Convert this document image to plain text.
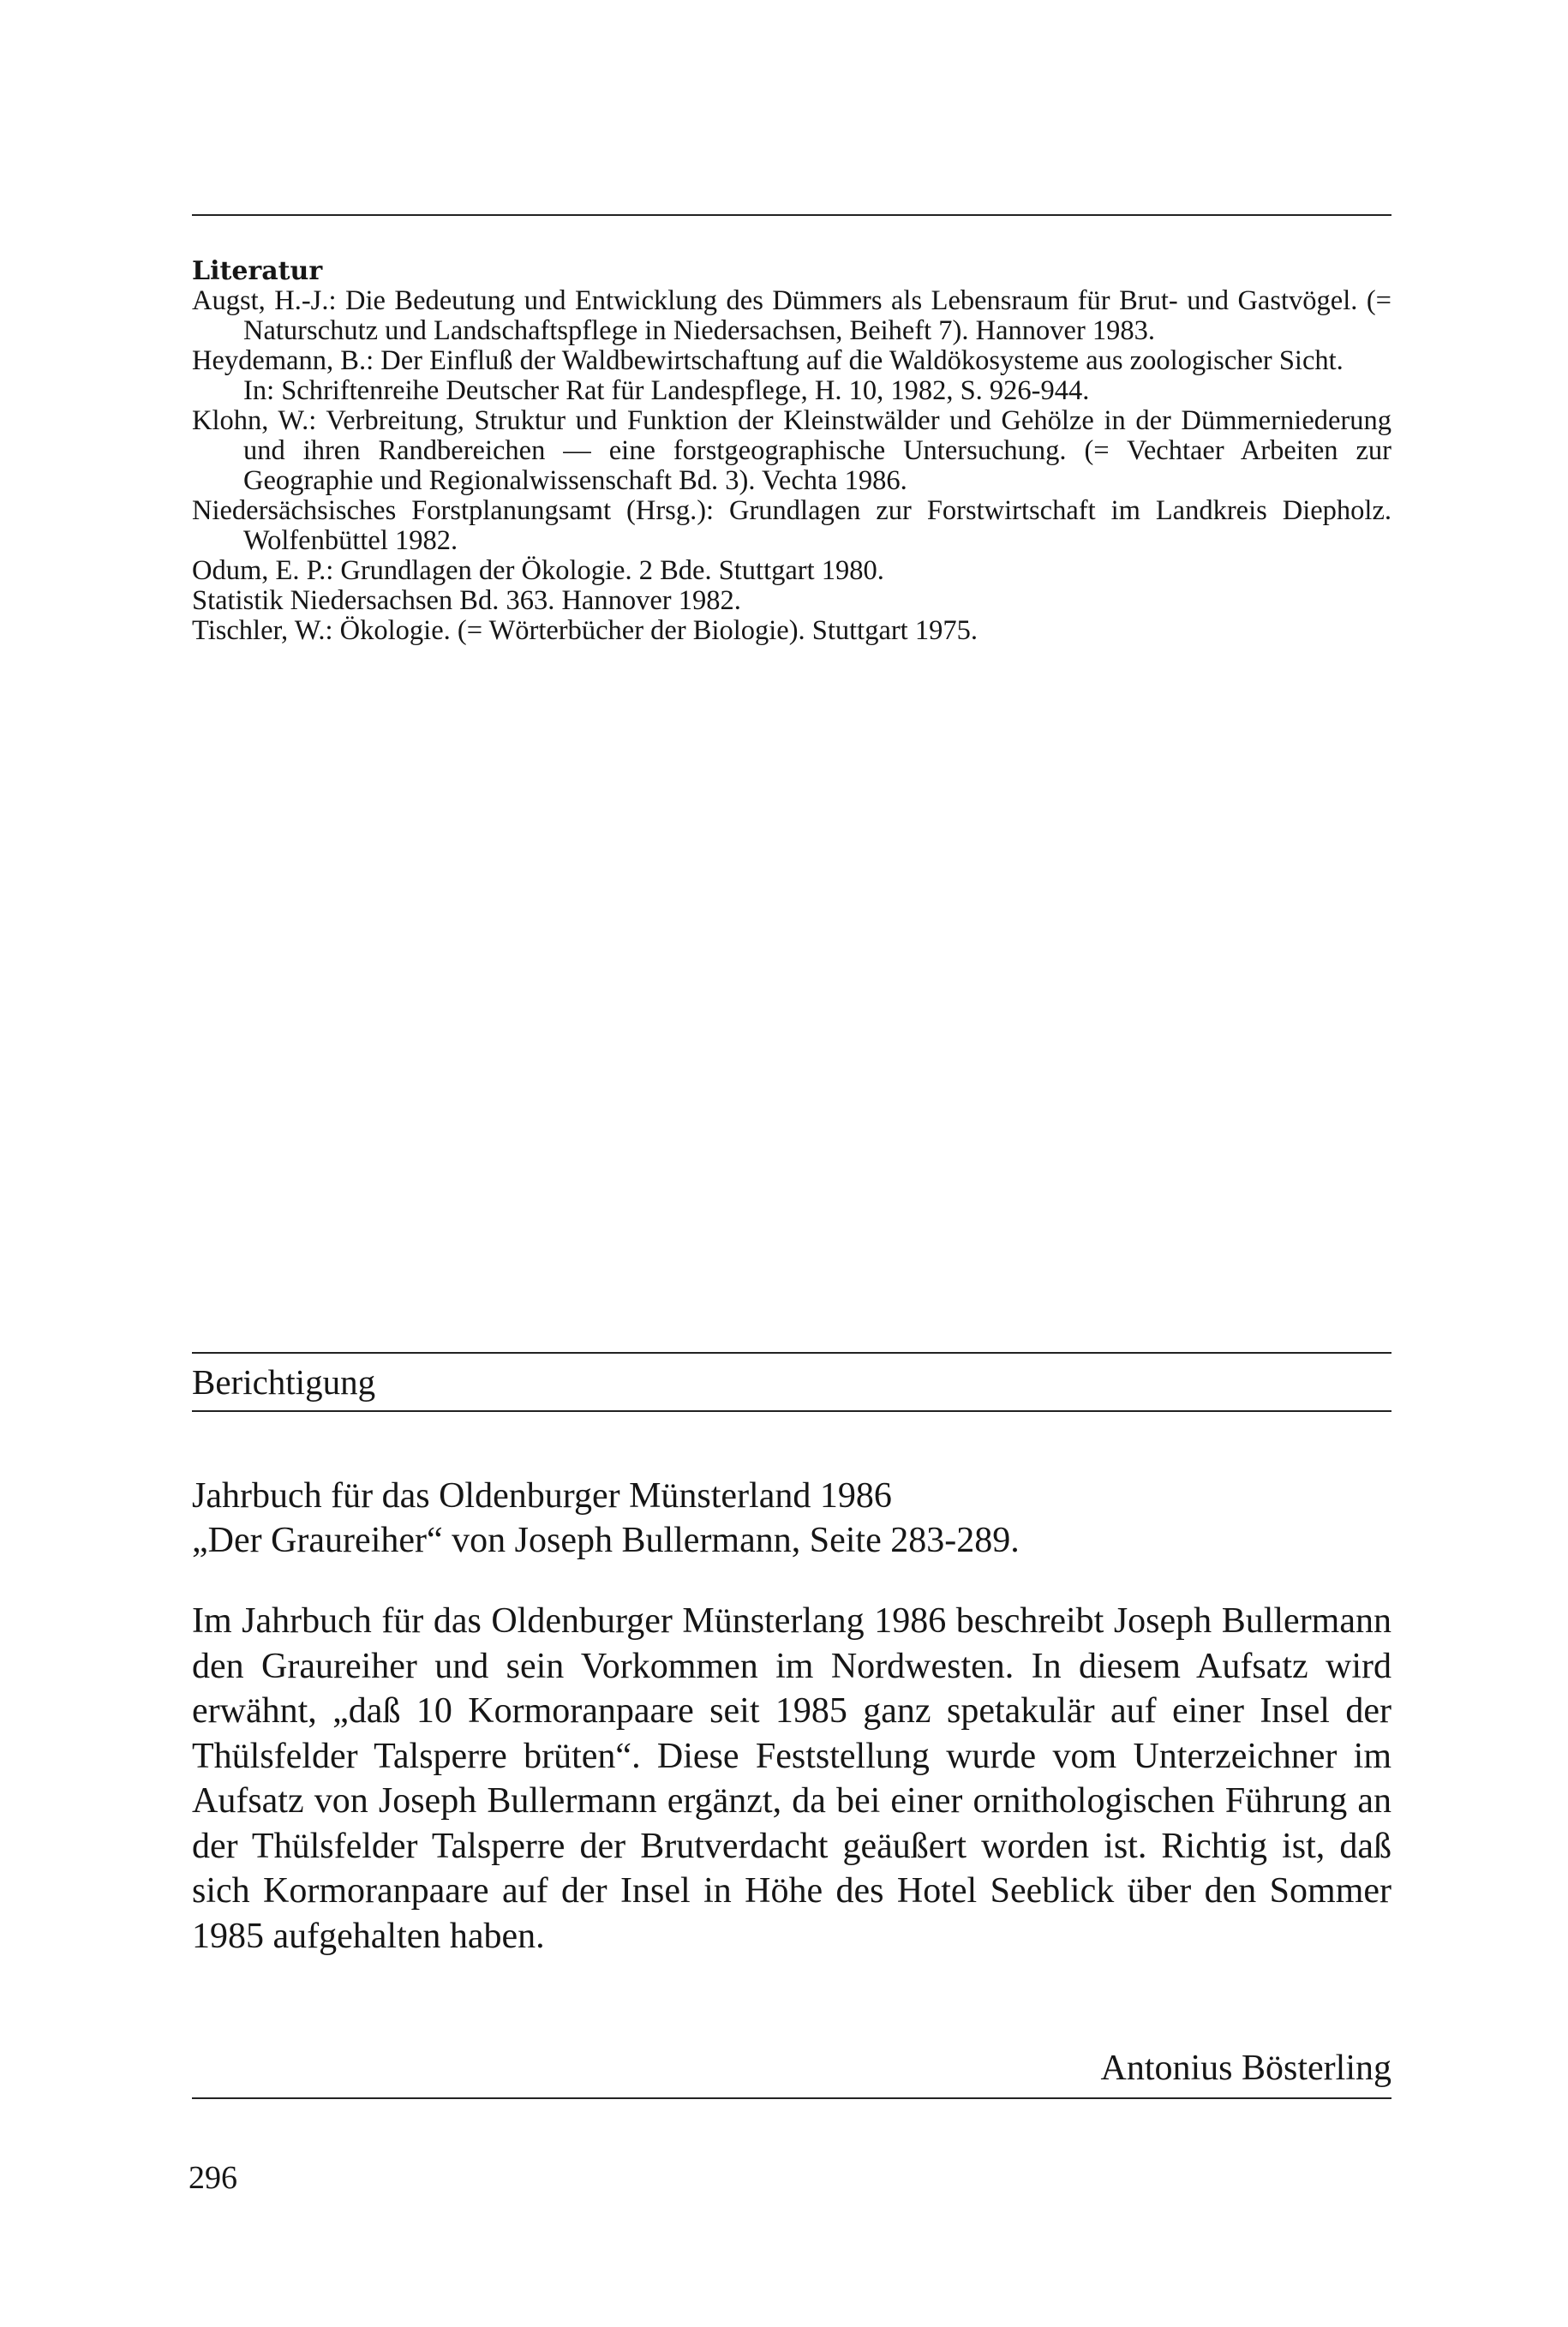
Literatur
Augst, H.-J.: Die Bedeutung und Entwicklung des Dümmers als Lebensraum für Brut- und Gastvögel. (= Naturschutz und Landschaftspflege in Niedersachsen, Beiheft 7). Hannover 1983.
Heydemann, B.: Der Einfluß der Waldbewirtschaftung auf die Waldökosysteme aus zoologischer Sicht.
In: Schriftenreihe Deutscher Rat für Landespflege, H. 10, 1982, S. 926-944.
Klohn, W.: Verbreitung, Struktur und Funktion der Kleinstwälder und Gehölze in der Dümmerniederung und ihren Randbereichen — eine forstgeographische Untersuchung. (= Vechtaer Arbeiten zur Geographie und Regionalwissenschaft Bd. 3). Vechta 1986.
Niedersächsisches Forstplanungsamt (Hrsg.): Grundlagen zur Forstwirtschaft im Landkreis Diepholz. Wolfenbüttel 1982.
Odum, E. P.: Grundlagen der Ökologie. 2 Bde. Stuttgart 1980.
Statistik Niedersachsen Bd. 363. Hannover 1982.
Tischler, W.: Ökologie. (= Wörterbücher der Biologie). Stuttgart 1975.
Berichtigung

Jahrbuch für das Oldenburger Münsterland 1986
„Der Graureiher“ von Joseph Bullermann, Seite 283-289.

Im Jahrbuch für das Oldenburger Münsterlang 1986 beschreibt Joseph Bullermann den Graureiher und sein Vorkommen im Nordwesten. In diesem Aufsatz wird erwähnt, „daß 10 Kormoranpaare seit 1985 ganz spetakulär auf einer Insel der Thülsfelder Talsperre brüten“. Diese Feststellung wurde vom Unterzeichner im Aufsatz von Joseph Bullermann ergänzt, da bei einer ornithologischen Führung an der Thülsfelder Talsperre der Brutverdacht geäußert worden ist. Richtig ist, daß sich Kormoranpaare auf der Insel in Höhe des Hotel Seeblick über den Sommer 1985 aufgehalten haben.

Antonius Bösterling

296
